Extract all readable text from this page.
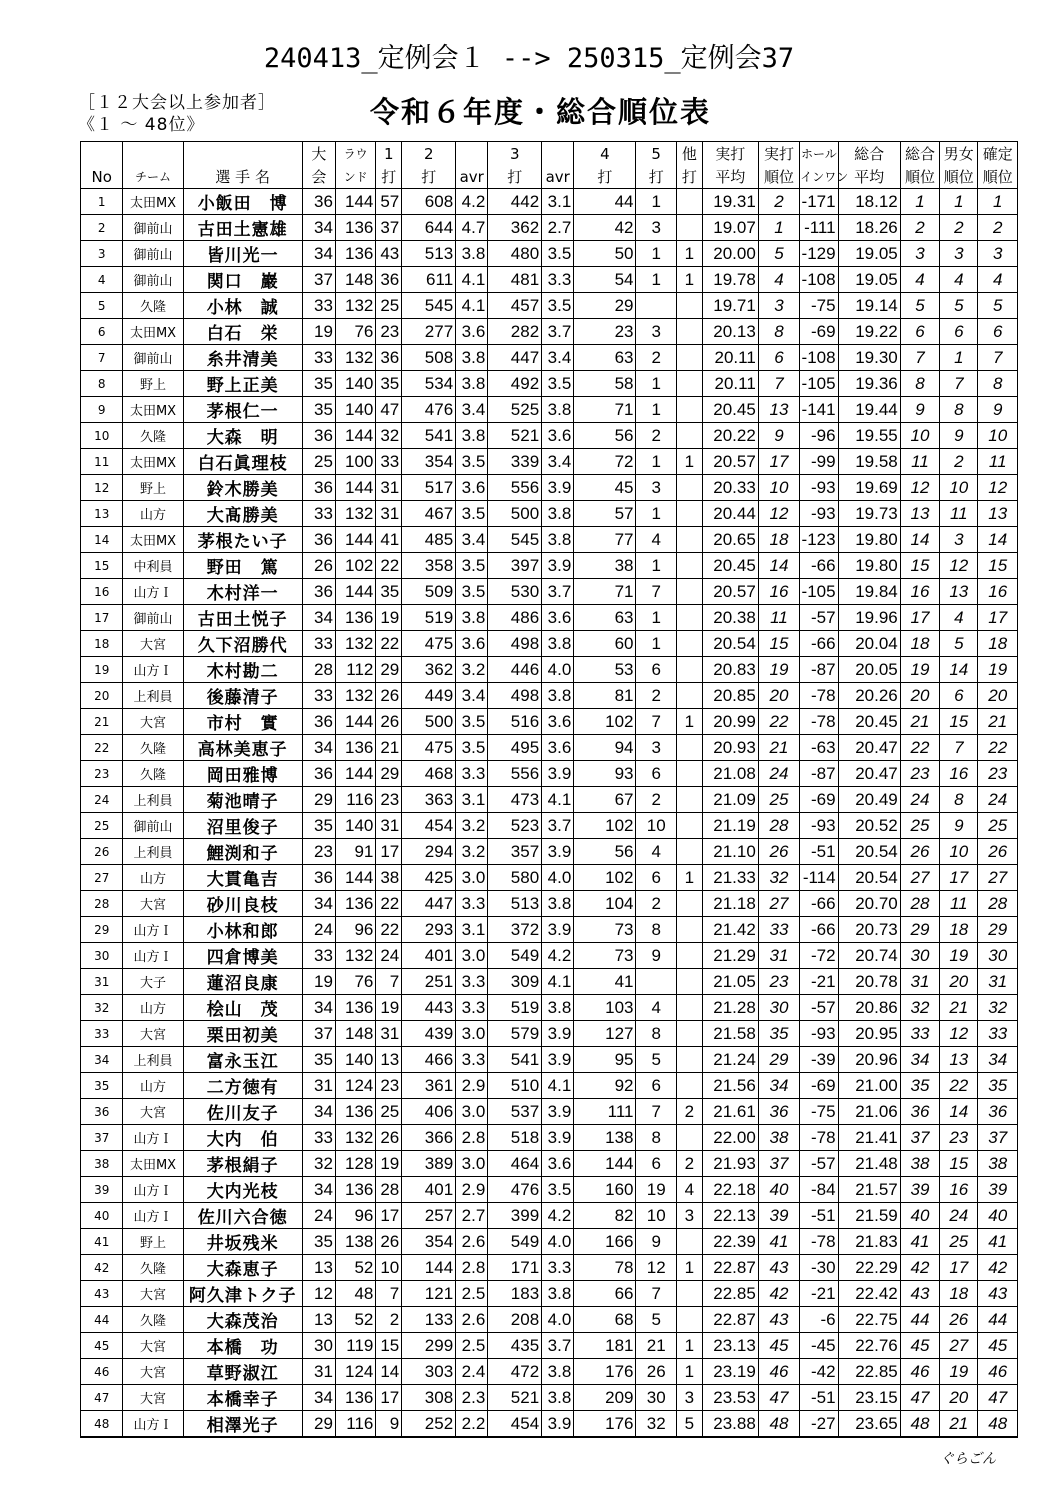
240413_定例会１ --> 250315_定例会37
［１２大会以上参加者］
《１ ～ 48位》	令和６年度・総合順位表
			大	ラウ	1	2		3		4	5	他	実打	実打	ホール	総合	総合	男女	確定
No	チーム	選 手 名	会	ンド	打	打	avr	打	avr	打	打	打	平均	順位	インワン	平均	順位	順位	順位
1	太田MX	小飯田　博	36	144	57	608	4.2	442	3.1	44	1		19.31	2	-171	18.12	1	1	1
2	御前山	古田土憲雄	34	136	37	644	4.7	362	2.7	42	3		19.07	1	-111	18.26	2	2	2
3	御前山	皆川光一	34	136	43	513	3.8	480	3.5	50	1	1	20.00	5	-129	19.05	3	3	3
4	御前山	関口　巖	37	148	36	611	4.1	481	3.3	54	1	1	19.78	4	-108	19.05	4	4	4
5	久隆	小林　誠	33	132	25	545	4.1	457	3.5	29			19.71	3	-75	19.14	5	5	5
6	太田MX	白石　栄	19	76	23	277	3.6	282	3.7	23	3		20.13	8	-69	19.22	6	6	6
7	御前山	糸井清美	33	132	36	508	3.8	447	3.4	63	2		20.11	6	-108	19.30	7	1	7
8	野上	野上正美	35	140	35	534	3.8	492	3.5	58	1		20.11	7	-105	19.36	8	7	8
9	太田MX	茅根仁一	35	140	47	476	3.4	525	3.8	71	1		20.45	13	-141	19.44	9	8	9
10	久隆	大森　明	36	144	32	541	3.8	521	3.6	56	2		20.22	9	-96	19.55	10	9	10
11	太田MX	白石眞理枝	25	100	33	354	3.5	339	3.4	72	1	1	20.57	17	-99	19.58	11	2	11
12	野上	鈴木勝美	36	144	31	517	3.6	556	3.9	45	3		20.33	10	-93	19.69	12	10	12
13	山方	大髙勝美	33	132	31	467	3.5	500	3.8	57	1		20.44	12	-93	19.73	13	11	13
14	太田MX	茅根たい子	36	144	41	485	3.4	545	3.8	77	4		20.65	18	-123	19.80	14	3	14
15	中利員	野田　篤	26	102	22	358	3.5	397	3.9	38	1		20.45	14	-66	19.80	15	12	15
16	山方Ｉ	木村洋一	36	144	35	509	3.5	530	3.7	71	7		20.57	16	-105	19.84	16	13	16
17	御前山	古田土悦子	34	136	19	519	3.8	486	3.6	63	1		20.38	11	-57	19.96	17	4	17
18	大宮	久下沼勝代	33	132	22	475	3.6	498	3.8	60	1		20.54	15	-66	20.04	18	5	18
19	山方Ｉ	木村勘二	28	112	29	362	3.2	446	4.0	53	6		20.83	19	-87	20.05	19	14	19
20	上利員	後藤清子	33	132	26	449	3.4	498	3.8	81	2		20.85	20	-78	20.26	20	6	20
21	大宮	市村　實	36	144	26	500	3.5	516	3.6	102	7	1	20.99	22	-78	20.45	21	15	21
22	久隆	高林美恵子	34	136	21	475	3.5	495	3.6	94	3		20.93	21	-63	20.47	22	7	22
23	久隆	岡田雅博	36	144	29	468	3.3	556	3.9	93	6		21.08	24	-87	20.47	23	16	23
24	上利員	菊池晴子	29	116	23	363	3.1	473	4.1	67	2		21.09	25	-69	20.49	24	8	24
25	御前山	沼里俊子	35	140	31	454	3.2	523	3.7	102	10		21.19	28	-93	20.52	25	9	25
26	上利員	鯉渕和子	23	91	17	294	3.2	357	3.9	56	4		21.10	26	-51	20.54	26	10	26
27	山方	大貫亀吉	36	144	38	425	3.0	580	4.0	102	6	1	21.33	32	-114	20.54	27	17	27
28	大宮	砂川良枝	34	136	22	447	3.3	513	3.8	104	2		21.18	27	-66	20.70	28	11	28
29	山方Ｉ	小林和郎	24	96	22	293	3.1	372	3.9	73	8		21.42	33	-66	20.73	29	18	29
30	山方Ｉ	四倉博美	33	132	24	401	3.0	549	4.2	73	9		21.29	31	-72	20.74	30	19	30
31	大子	蓮沼良康	19	76	7	251	3.3	309	4.1	41			21.05	23	-21	20.78	31	20	31
32	山方	桧山　茂	34	136	19	443	3.3	519	3.8	103	4		21.28	30	-57	20.86	32	21	32
33	大宮	栗田初美	37	148	31	439	3.0	579	3.9	127	8		21.58	35	-93	20.95	33	12	33
34	上利員	富永玉江	35	140	13	466	3.3	541	3.9	95	5		21.24	29	-39	20.96	34	13	34
35	山方	二方徳有	31	124	23	361	2.9	510	4.1	92	6		21.56	34	-69	21.00	35	22	35
36	大宮	佐川友子	34	136	25	406	3.0	537	3.9	111	7	2	21.61	36	-75	21.06	36	14	36
37	山方Ｉ	大内　伯	33	132	26	366	2.8	518	3.9	138	8		22.00	38	-78	21.41	37	23	37
38	太田MX	茅根絹子	32	128	19	389	3.0	464	3.6	144	6	2	21.93	37	-57	21.48	38	15	38
39	山方Ｉ	大内光枝	34	136	28	401	2.9	476	3.5	160	19	4	22.18	40	-84	21.57	39	16	39
40	山方Ｉ	佐川六合徳	24	96	17	257	2.7	399	4.2	82	10	3	22.13	39	-51	21.59	40	24	40
41	野上	井坂残米	35	138	26	354	2.6	549	4.0	166	9		22.39	41	-78	21.83	41	25	41
42	久隆	大森恵子	13	52	10	144	2.8	171	3.3	78	12	1	22.87	43	-30	22.29	42	17	42
43	大宮	阿久津トク子	12	48	7	121	2.5	183	3.8	66	7		22.85	42	-21	22.42	43	18	43
44	久隆	大森茂治	13	52	2	133	2.6	208	4.0	68	5		22.87	43	-6	22.75	44	26	44
45	大宮	本橋　功	30	119	15	299	2.5	435	3.7	181	21	1	23.13	45	-45	22.76	45	27	45
46	大宮	草野淑江	31	124	14	303	2.4	472	3.8	176	26	1	23.19	46	-42	22.85	46	19	46
47	大宮	本橋幸子	34	136	17	308	2.3	521	3.8	209	30	3	23.53	47	-51	23.15	47	20	47
48	山方Ｉ	相澤光子	29	116	9	252	2.2	454	3.9	176	32	5	23.88	48	-27	23.65	48	21	48
ぐらごん
